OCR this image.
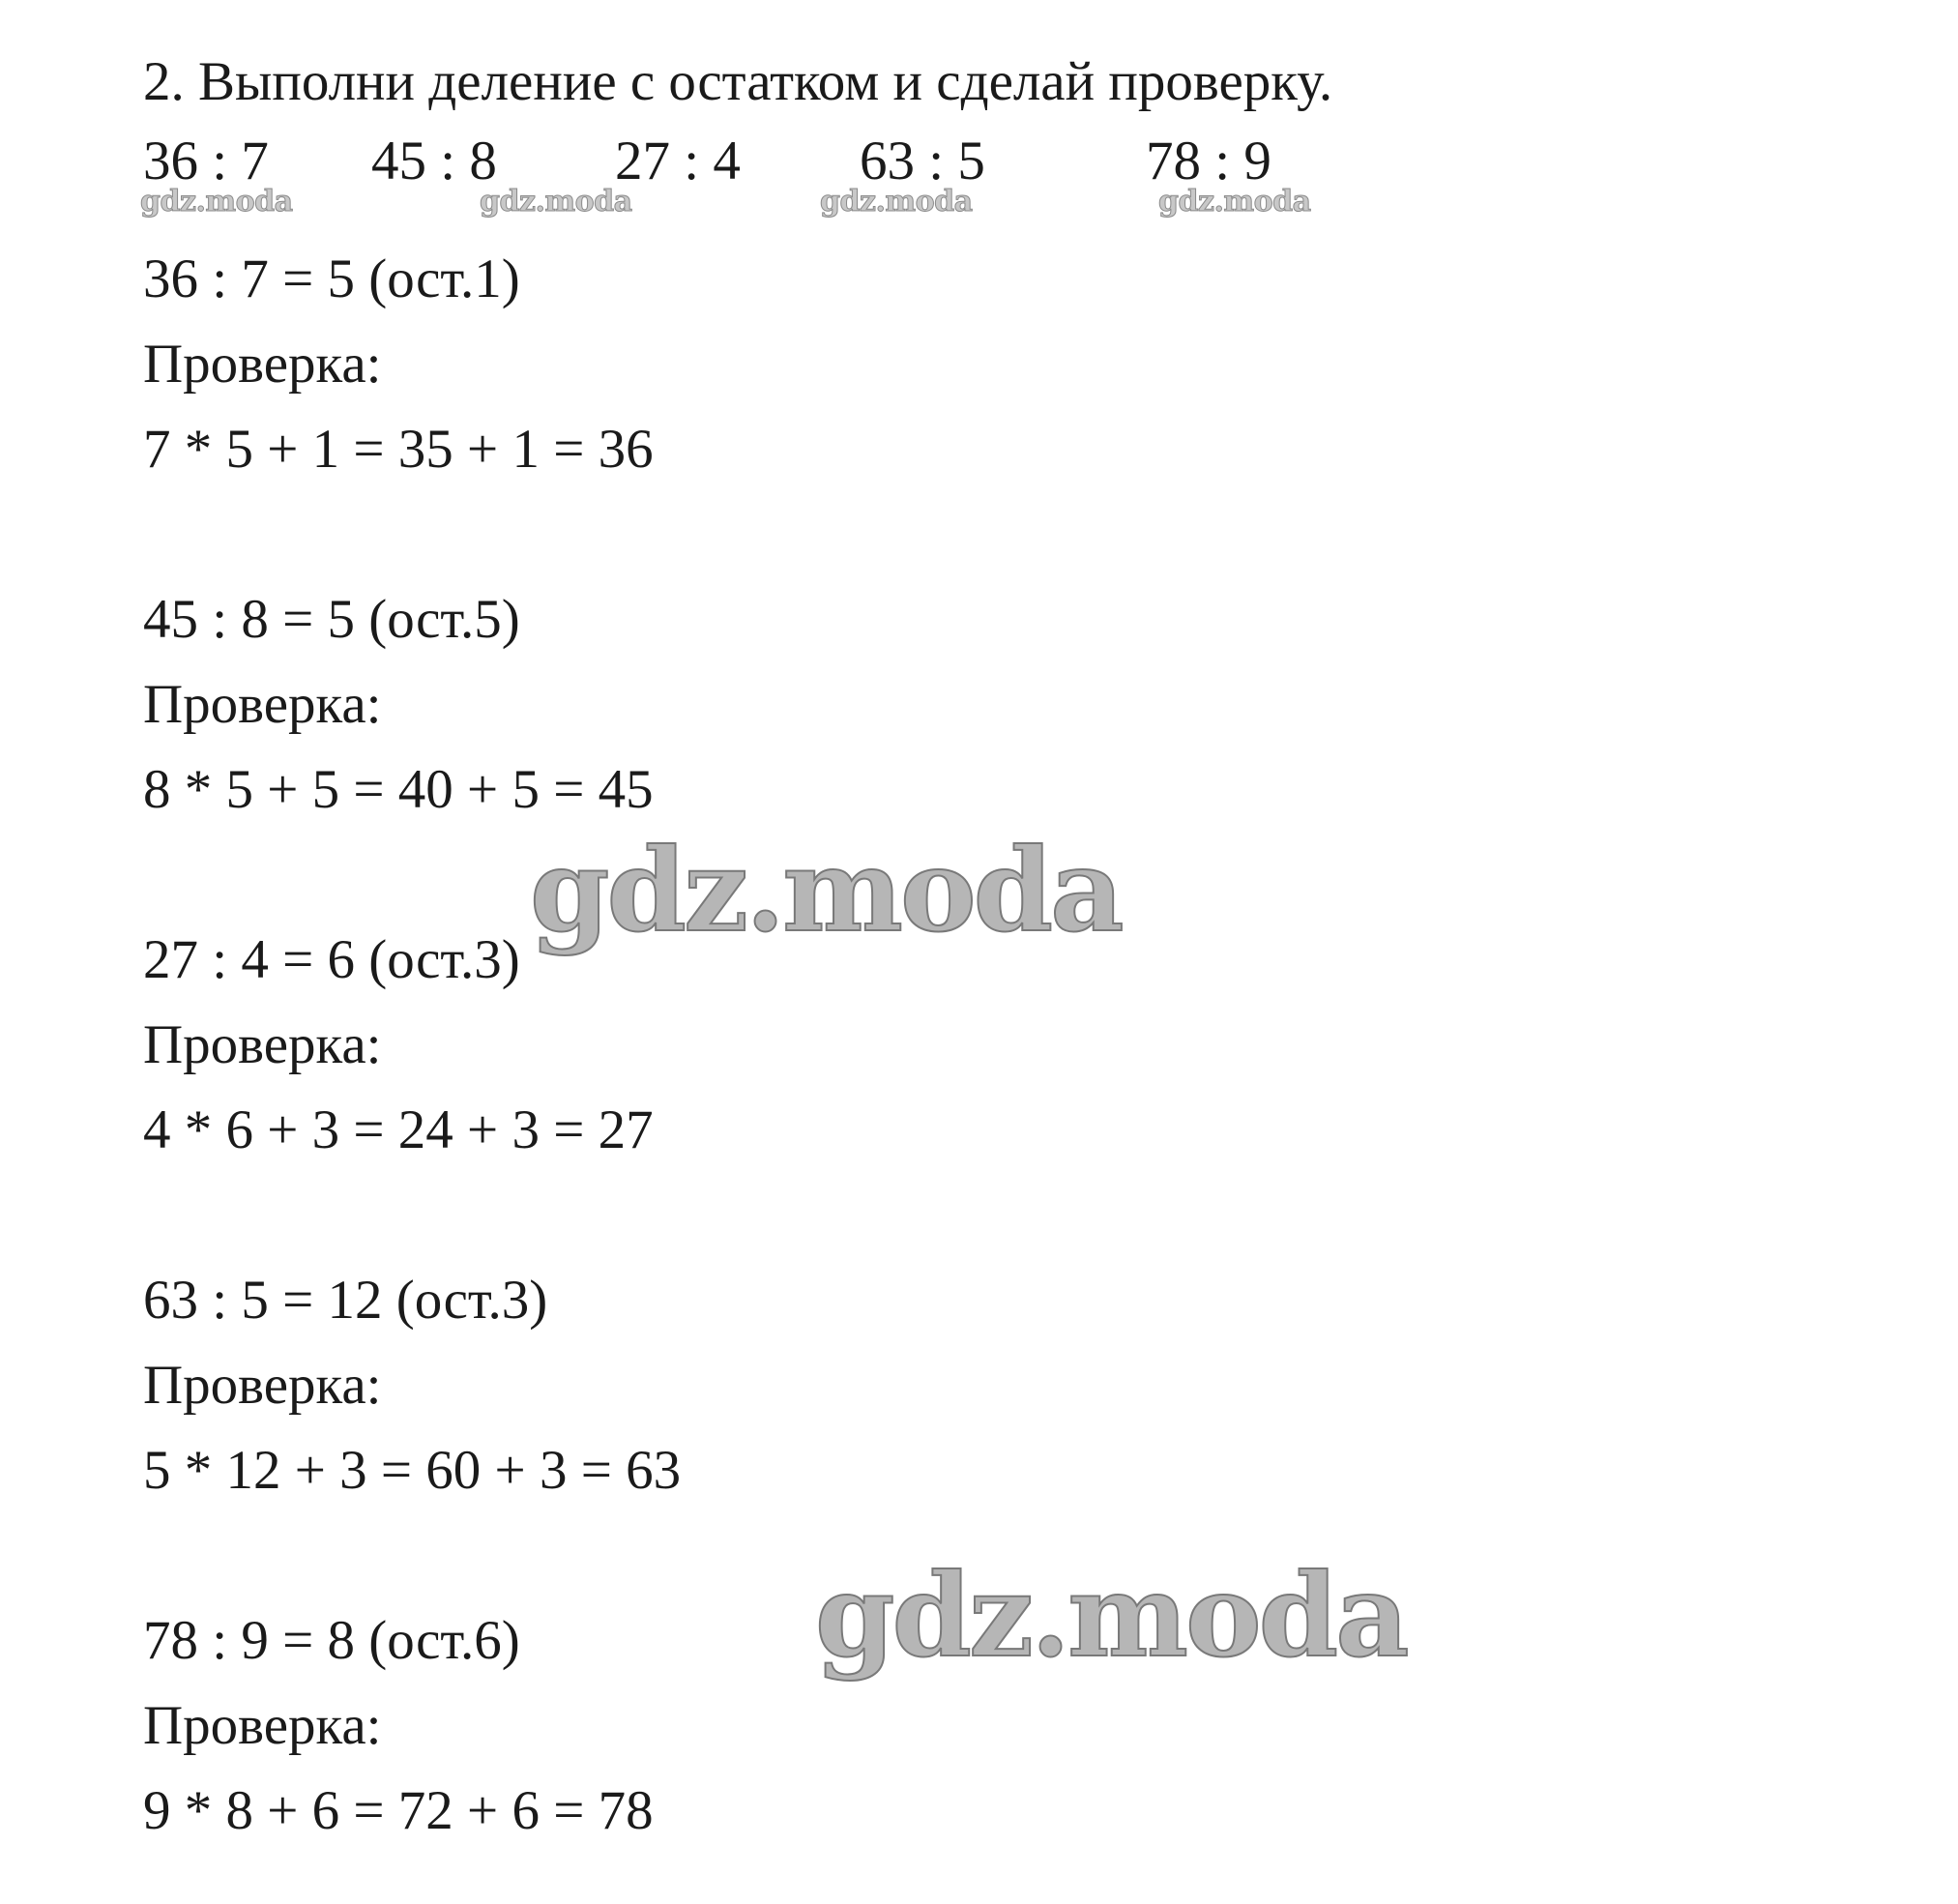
2. Выполни деление с остатком и сделай проверку.
36 : 7 45 : 8 27 : 4 63 : 5	78 : 9
gdz.moda	gdz.moda	gdz.moda	gdz.moda
36 : 7 = 5 (ост.1)
Проверка:
7 * 5 + 1 = 35 + 1 = 36
45 : 8 = 5 (ост.5)
Проверка:
8 * 5 + 5 = 40 + 5 = 45
27 : 4 = 6 (ост.3)
Проверка:
4 * 6 + 3 = 24 + 3 = 27
63 : 5 = 12 (ост.3)
Проверка:
5 * 12 + 3 = 60 + 3 = 63
78 : 9 = 8 (ост.6)
Проверка:
9 * 8 + 6 = 72 + 6 = 78
gdz.moda
gdz.moda
